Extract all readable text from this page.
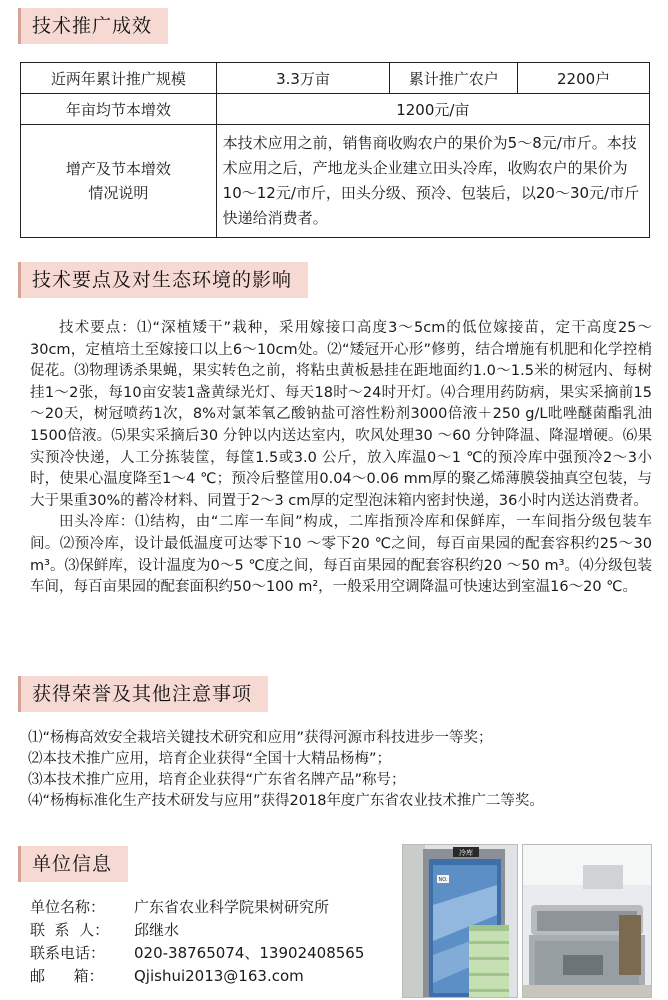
技术推广成效
近两年累计推广规模	3.3万亩	累计推广农户	2200户
年亩均节本增效	1200元/亩		

增产及节本增效
情况说明	本技术应用之前，销售商收购农户的果价为5～8元/市斤。本技术应用之后，产地龙头企业建立田头冷库，收购农户的果价为10～12元/市斤，田头分级、预冷、包装后，以20～30元/市斤快递给消费者。		
技术要点及对生态环境的影响

技术要点：⑴“深植矮干”栽种，采用嫁接口高度3～5cm的低位嫁接苗，定干高度25～30cm，定植培土至嫁接口以上6～10cm处。⑵“矮冠开心形”修剪，结合增施有机肥和化学控梢促花。⑶物理诱杀果蝇，果实转色之前，将粘虫黄板悬挂在距地面约1.0～1.5米的树冠内、每树挂1～2张，每10亩安装1盏黄绿光灯、每天18时～24时开灯。⑷合理用药防病，果实采摘前15～20天，树冠喷药1次，8%对氯苯氧乙酸钠盐可溶性粉剂3000倍液＋250 g/L吡唑醚菌酯乳油1500倍液。⑸果实采摘后30 分钟以内送达室内，吹风处理30 ～60 分钟降温、降湿增硬。⑹果实预冷快递，人工分拣装筐，每筐1.5或3.0 公斤，放入库温0～1 ℃的预冷库中强预冷2～3小时，使果心温度降至1～4 ℃；预冷后整筐用0.04～0.06 mm厚的聚乙烯薄膜袋抽真空包装，与大于果重30%的蓄冷材料、同置于2～3 cm厚的定型泡沫箱内密封快递，36小时内送达消费者。

田头冷库：⑴结构，由“二库一车间”构成，二库指预冷库和保鲜库，一车间指分级包装车间。⑵预冷库，设计最低温度可达零下10 ～零下20 ℃之间，每百亩果园的配套容积约25～30 m³。⑶保鲜库，设计温度为0～5 ℃度之间，每百亩果园的配套容积约20 ～50 m³。⑷分级包装车间，每百亩果园的配套面积约50～100 m²，一般采用空调降温可快速达到室温16～20 ℃。

获得荣誉及其他注意事项
⑴“杨梅高效安全栽培关键技术研究和应用”获得河源市科技进步一等奖；
⑵本技术推广应用，培育企业获得“全国十大精品杨梅”；
⑶本技术推广应用，培育企业获得“广东省名牌产品”称号；
⑷“杨梅标准化生产技术研发与应用”获得2018年度广东省农业技术推广二等奖。
单位信息
单位名称：	广东省农业科学院果树研究所
联  系  人：	邱继水
联系电话：	020-38765074、13902408565
邮      箱：	Qjishui2013@163.com
冷库
NO.
